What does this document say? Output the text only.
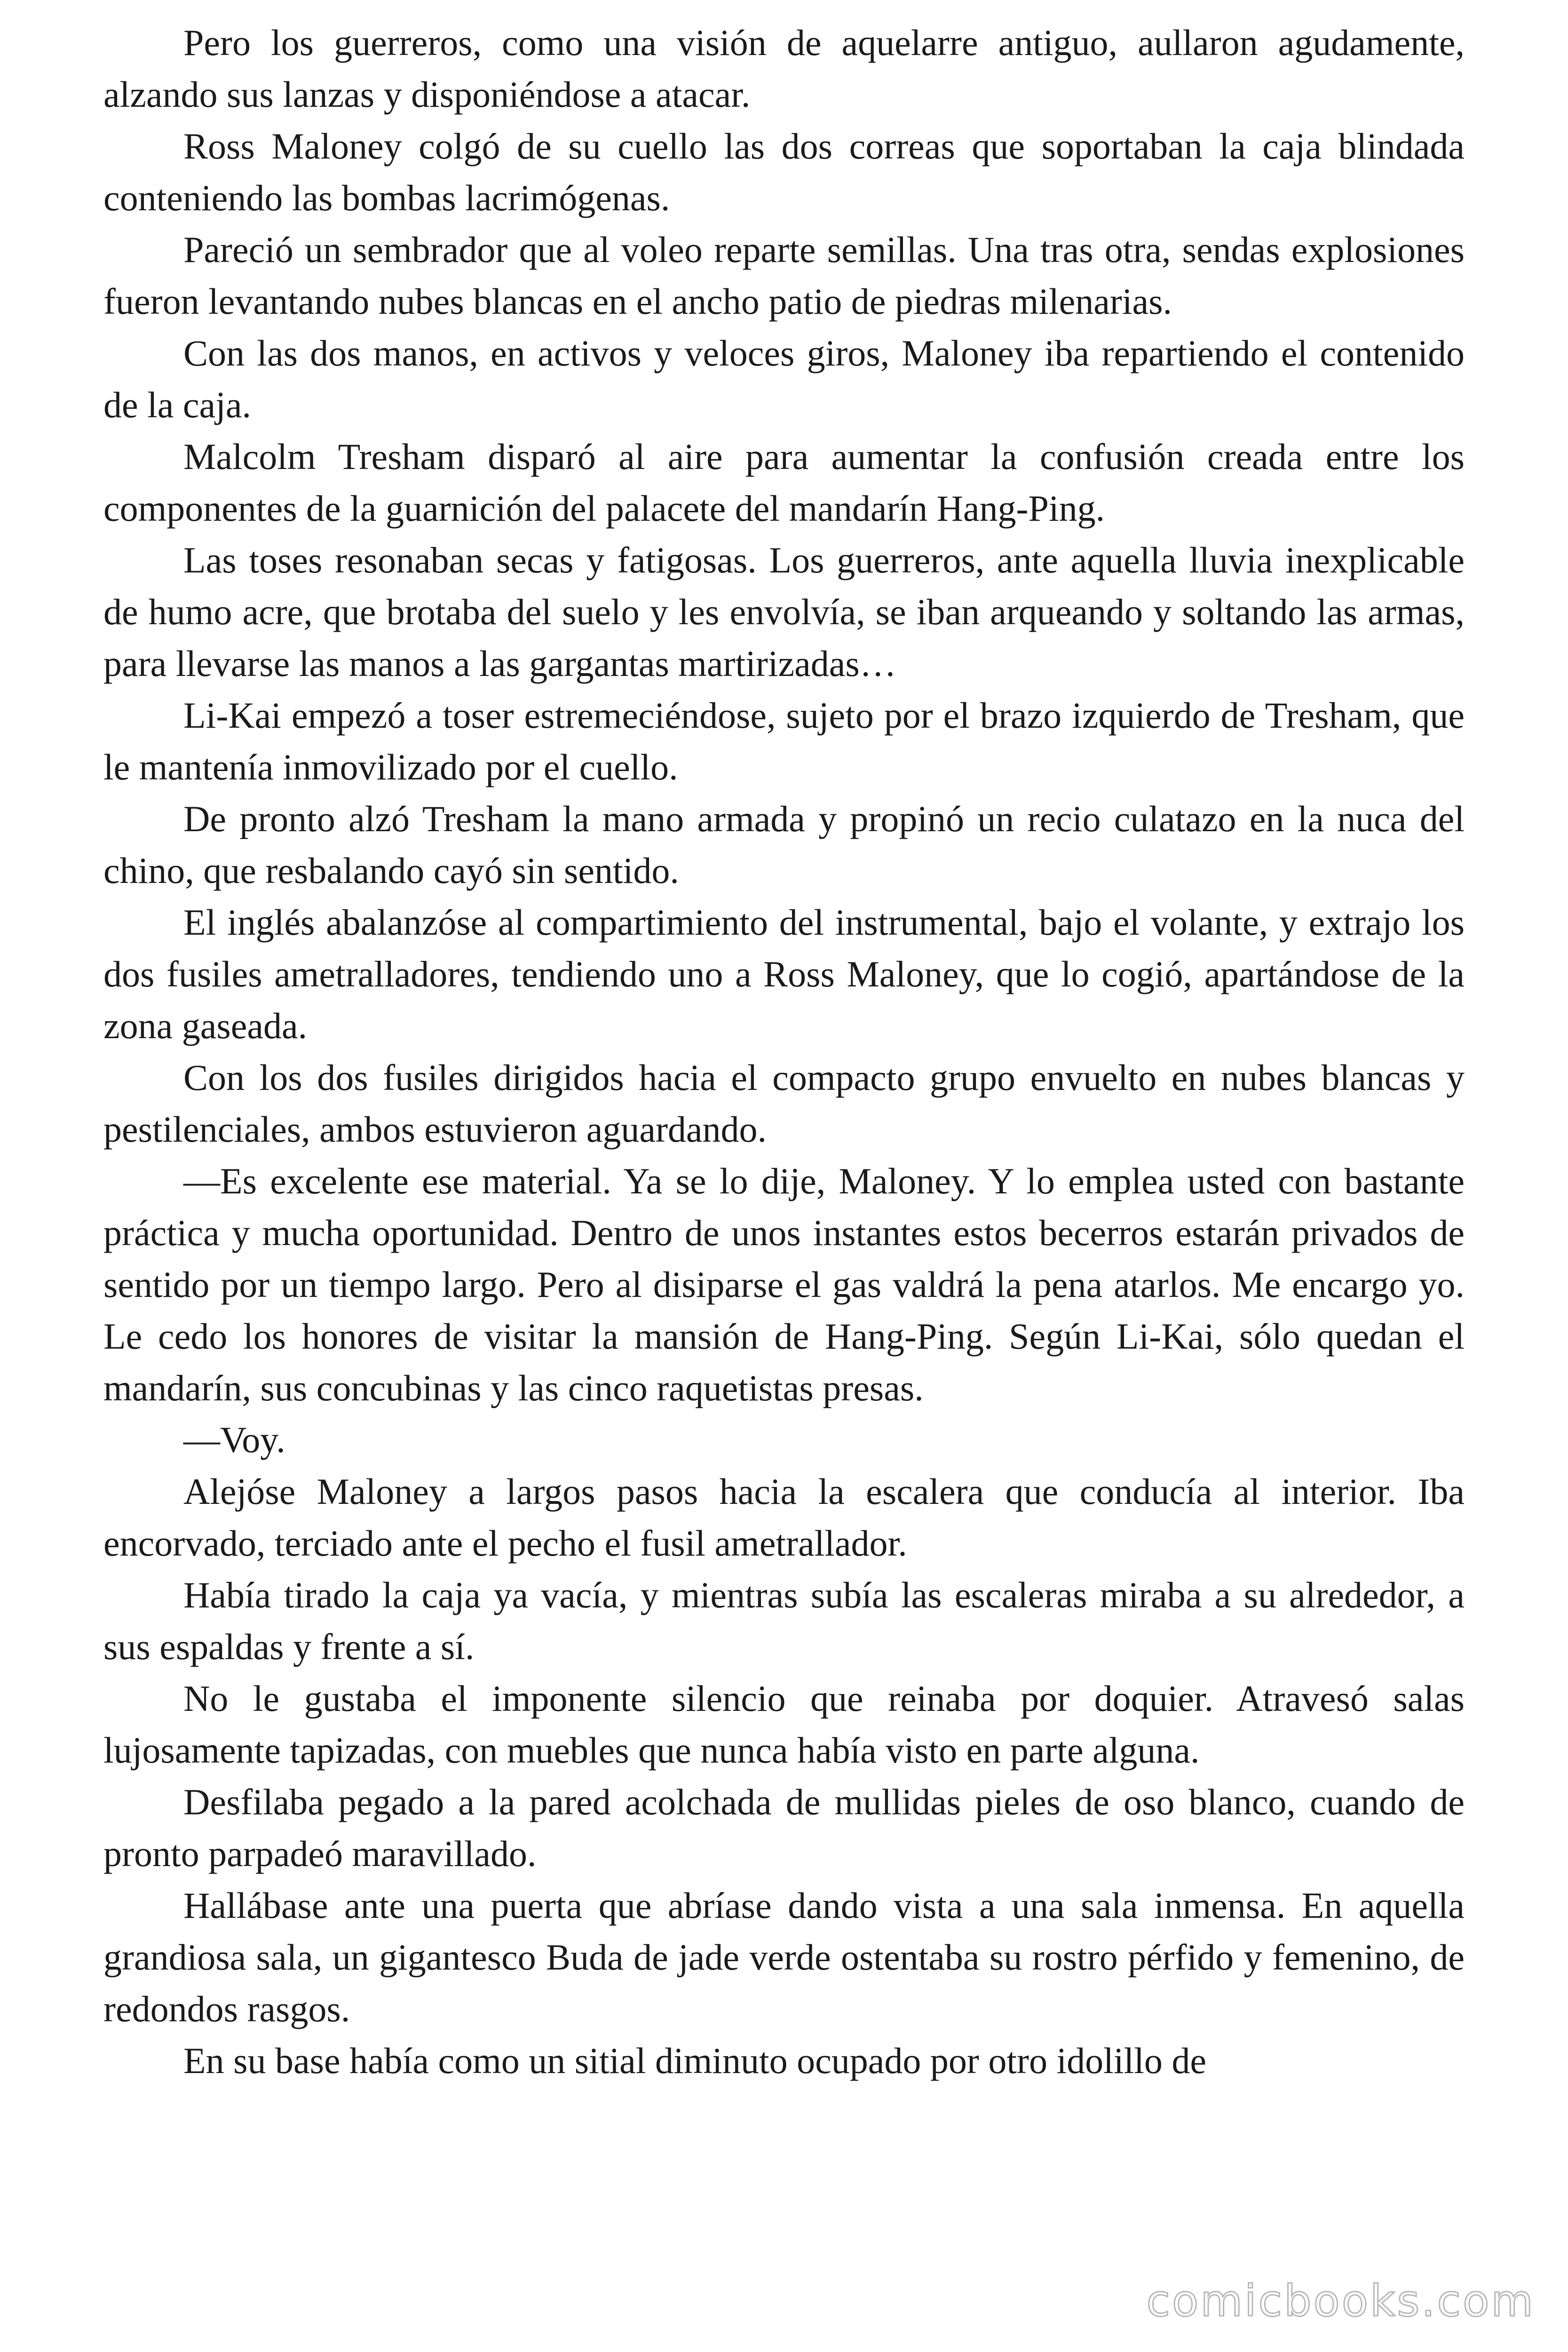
Pero los guerreros, como una visión de aquelarre antiguo, aullaron agudamente, alzando sus lanzas y disponiéndose a atacar.

Ross Maloney colgó de su cuello las dos correas que soportaban la caja blindada conteniendo las bombas lacrimógenas.

Pareció un sembrador que al voleo reparte semillas. Una tras otra, sendas explosiones fueron levantando nubes blancas en el ancho patio de piedras milenarias.

Con las dos manos, en activos y veloces giros, Maloney iba repartiendo el contenido de la caja.

Malcolm Tresham disparó al aire para aumentar la confusión creada entre los componentes de la guarnición del palacete del mandarín Hang-Ping.

Las toses resonaban secas y fatigosas. Los guerreros, ante aquella lluvia inexplicable de humo acre, que brotaba del suelo y les envolvía, se iban arqueando y soltando las armas, para llevarse las manos a las gargantas martirizadas…

Li-Kai empezó a toser estremeciéndose, sujeto por el brazo izquierdo de Tresham, que le mantenía inmovilizado por el cuello.

De pronto alzó Tresham la mano armada y propinó un recio culatazo en la nuca del chino, que resbalando cayó sin sentido.

El inglés abalanzóse al compartimiento del instrumental, bajo el volante, y extrajo los dos fusiles ametralladores, tendiendo uno a Ross Maloney, que lo cogió, apartándose de la zona gaseada.

Con los dos fusiles dirigidos hacia el compacto grupo envuelto en nubes blancas y pestilenciales, ambos estuvieron aguardando.

—Es excelente ese material. Ya se lo dije, Maloney. Y lo emplea usted con bastante práctica y mucha oportunidad. Dentro de unos instantes estos becerros estarán privados de sentido por un tiempo largo. Pero al disiparse el gas valdrá la pena atarlos. Me encargo yo. Le cedo los honores de visitar la mansión de Hang-Ping. Según Li-Kai, sólo quedan el mandarín, sus concubinas y las cinco raquetistas presas.

—Voy.

Alejóse Maloney a largos pasos hacia la escalera que conducía al interior. Iba encorvado, terciado ante el pecho el fusil ametrallador.

Había tirado la caja ya vacía, y mientras subía las escaleras miraba a su alrededor, a sus espaldas y frente a sí.

No le gustaba el imponente silencio que reinaba por doquier. Atravesó salas lujosamente tapizadas, con muebles que nunca había visto en parte alguna.

Desfilaba pegado a la pared acolchada de mullidas pieles de oso blanco, cuando de pronto parpadeó maravillado.

Hallábase ante una puerta que abríase dando vista a una sala inmensa. En aquella grandiosa sala, un gigantesco Buda de jade verde ostentaba su rostro pérfido y femenino, de redondos rasgos.

En su base había como un sitial diminuto ocupado por otro idolillo de

comicbooks.com
